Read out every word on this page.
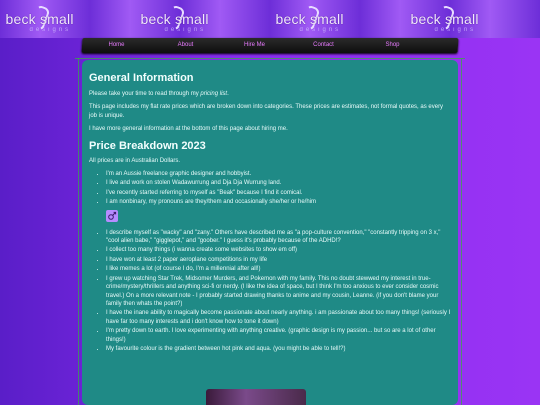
beck small
designs
beck small
designs
beck small
designs
beck small
designs
Home	About	Hire Me	Contact	Shop
General Information

Please take your time to read through my pricing list.

This page includes my flat rate prices which are broken down into categories. These prices are estimates, not formal quotes, as every job is unique.

I have more general information at the bottom of this page about hiring me.

Price Breakdown 2023

All prices are in Australian Dollars.

• I'm an Aussie freelance graphic designer and hobbyist.
• I live and work on stolen Wadawurrung and Dja Dja Wurrung land.
• I've recently started referring to myself as "Beak" because I find it comical.
• I am nonbinary, my pronouns are they/them and occasionally she/her or he/him
• I describe myself as "wacky" and "zany." Others have described me as "a pop-culture convention," "constantly tripping on 3 x," "cool alien babe," "gigglepot," and "goober." I guess it's probably because of the ADHD!?
• I collect too many things (i wanna create some websites to show em off)
• I have won at least 2 paper aeroplane competitions in my life
• I like memes a lot (of course I do, I'm a millennial after all!)
• I grew up watching Star Trek, Midsomer Murders, and Pokemon with my family. This no doubt stewwed my interest in true-crime/mystery/thrillers and anything sci-fi or nerdy. (I like the idea of space, but I think I'm too anxious to ever consider cosmic travel.) On a more relevant note - I probably started drawing thanks to anime and my cousin, Leanne. (if you don't blame your family then whats the point?)
• I have the inane ability to magically become passionate about nearly anything. i am passionate about too many things! (seriously I have far too many interests and i don't know how to tone it down)
• I'm pretty down to earth. I love experimenting with anything creative. (graphic design is my passion... but so are a lot of other things!)
• My favourite colour is the gradient between hot pink and aqua. (you might be able to tell!?)
